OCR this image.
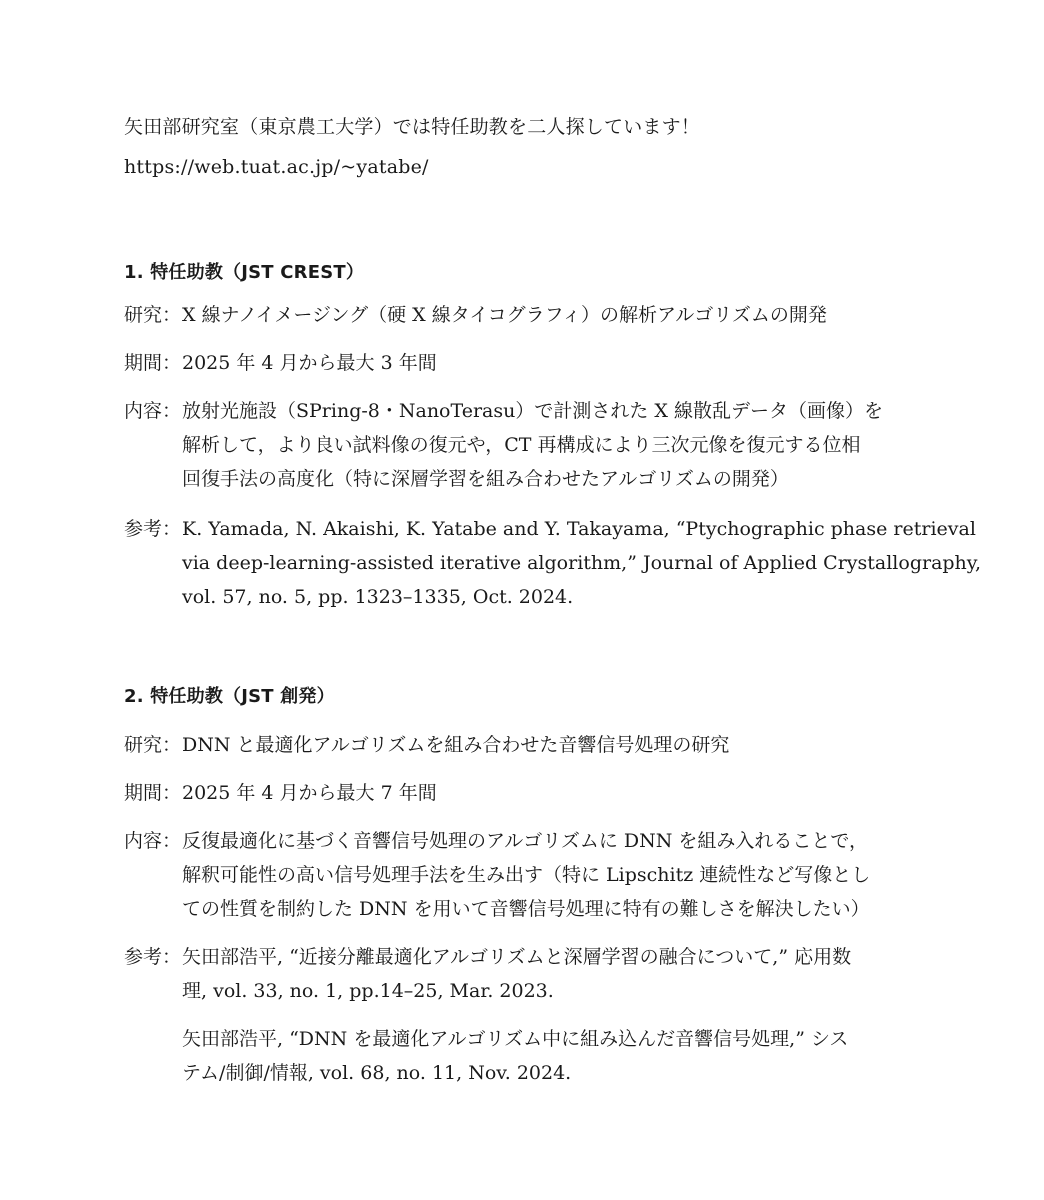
矢田部研究室（東京農工大学）では特任助教を二人探しています！
https://web.tuat.ac.jp/~yatabe/
1. 特任助教（JST CREST）
研究： X 線ナノイメージング（硬 X 線タイコグラフィ）の解析アルゴリズムの開発
期間： 2025 年 4 月から最大 3 年間
内容： 放射光施設（SPring-8・NanoTerasu）で計測された X 線散乱データ（画像）を
解析して，より良い試料像の復元や，CT 再構成により三次元像を復元する位相
回復手法の高度化（特に深層学習を組み合わせたアルゴリズムの開発）
参考： K. Yamada, N. Akaishi, K. Yatabe and Y. Takayama, “Ptychographic phase retrieval
via deep-learning-assisted iterative algorithm,” Journal of Applied Crystallography,
vol. 57, no. 5, pp. 1323–1335, Oct. 2024.
2. 特任助教（JST 創発）
研究： DNN と最適化アルゴリズムを組み合わせた音響信号処理の研究
期間： 2025 年 4 月から最大 7 年間
内容： 反復最適化に基づく音響信号処理のアルゴリズムに DNN を組み入れることで，
解釈可能性の高い信号処理手法を生み出す（特に Lipschitz 連続性など写像とし
ての性質を制約した DNN を用いて音響信号処理に特有の難しさを解決したい）
参考： 矢田部浩平, “近接分離最適化アルゴリズムと深層学習の融合について,” 応用数
理, vol. 33, no. 1, pp.14–25, Mar. 2023.
矢田部浩平, “DNN を最適化アルゴリズム中に組み込んだ音響信号処理,” シス
テム/制御/情報, vol. 68, no. 11, Nov. 2024.
